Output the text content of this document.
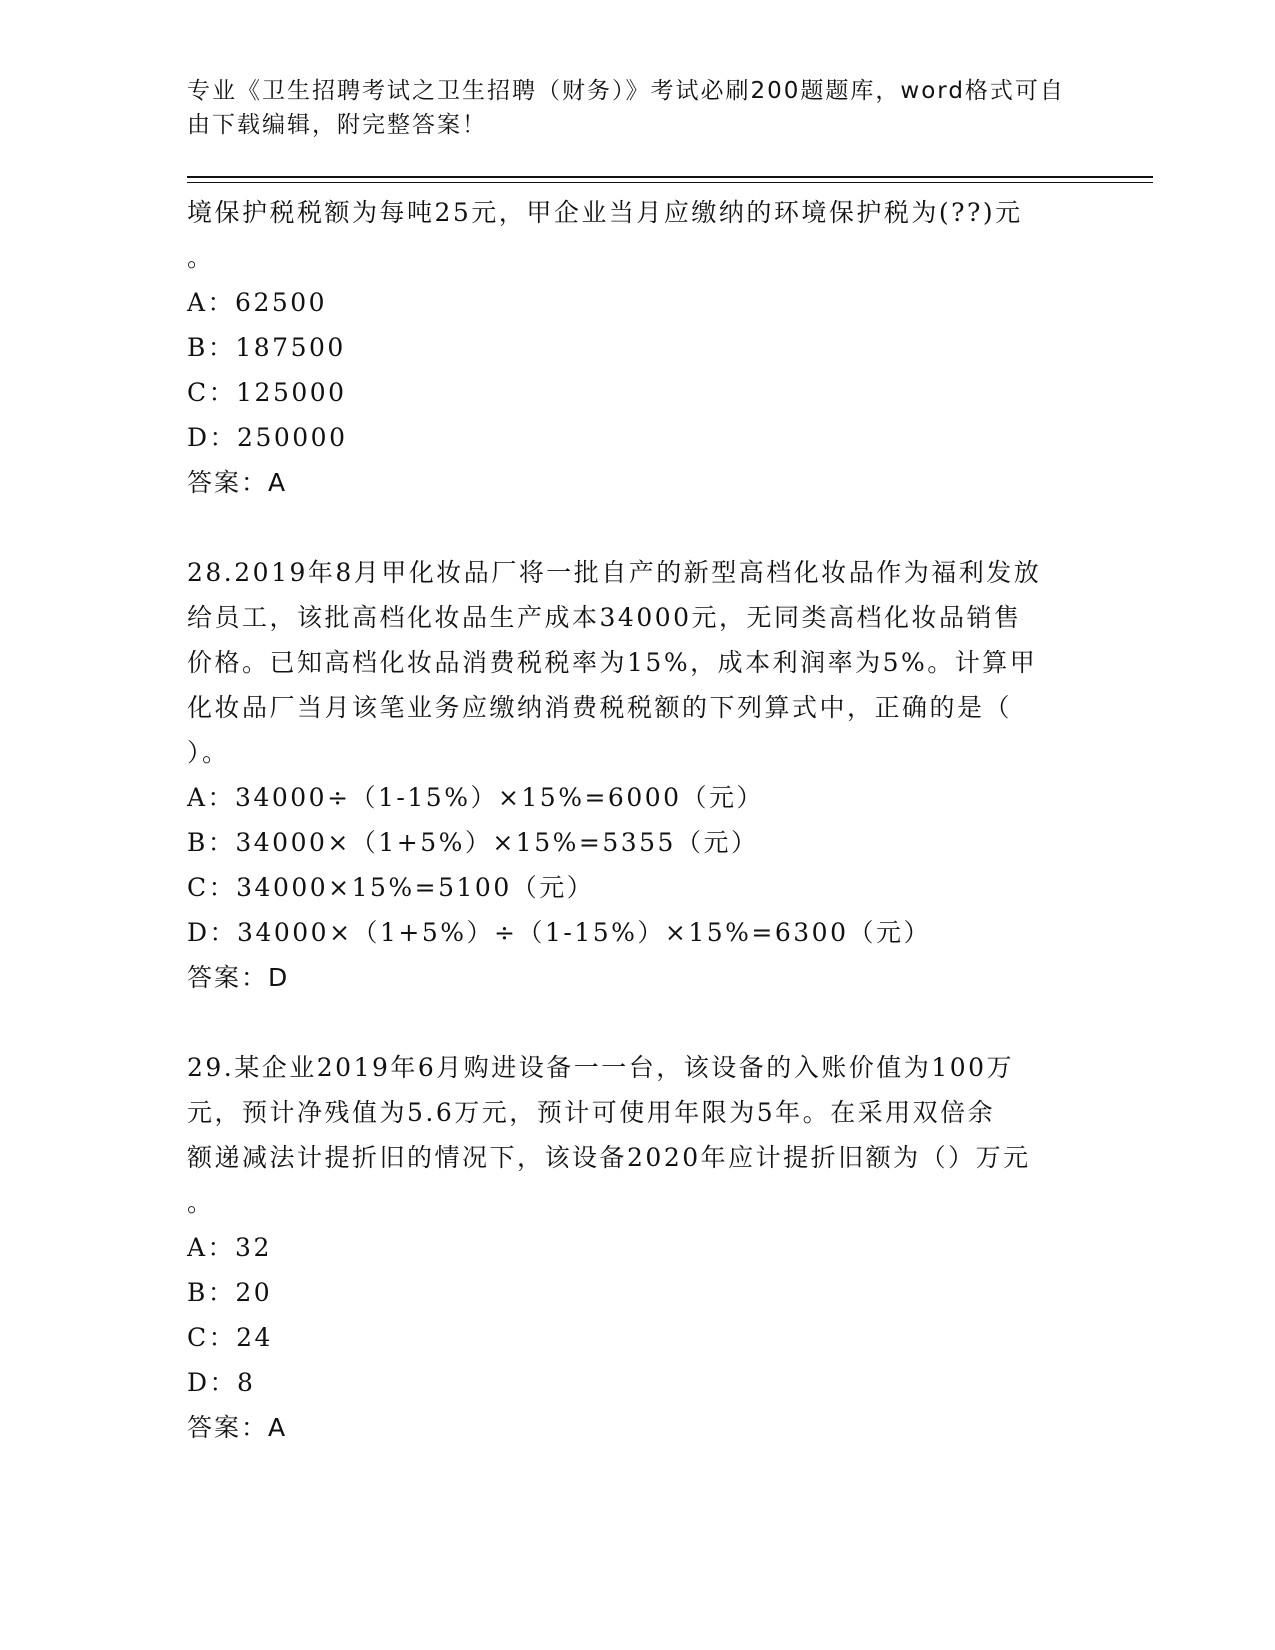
专业《卫生招聘考试之卫生招聘（财务）》考试必刷200题题库，word格式可自
由下载编辑，附完整答案！
境保护税税额为每吨25元，甲企业当月应缴纳的环境保护税为(??)元
。
A：62500
B：187500
C：125000
D：250000
答案：A
28.2019年8月甲化妆品厂将一批自产的新型高档化妆品作为福利发放
给员工，该批高档化妆品生产成本34000元，无同类高档化妆品销售
价格。已知高档化妆品消费税税率为15%，成本利润率为5%。计算甲
化妆品厂当月该笔业务应缴纳消费税税额的下列算式中，正确的是（
）。
A：34000÷（1-15%）×15%=6000（元）
B：34000×（1+5%）×15%=5355（元）
C：34000×15%=5100（元）
D：34000×（1+5%）÷（1-15%）×15%=6300（元）
答案：D
29.某企业2019年6月购进设备一一台，该设备的入账价值为100万
元，预计净残值为5.6万元，预计可使用年限为5年。在采用双倍余
额递减法计提折旧的情况下，该设备2020年应计提折旧额为（）万元
。
A：32
B：20
C：24
D：8
答案：A
